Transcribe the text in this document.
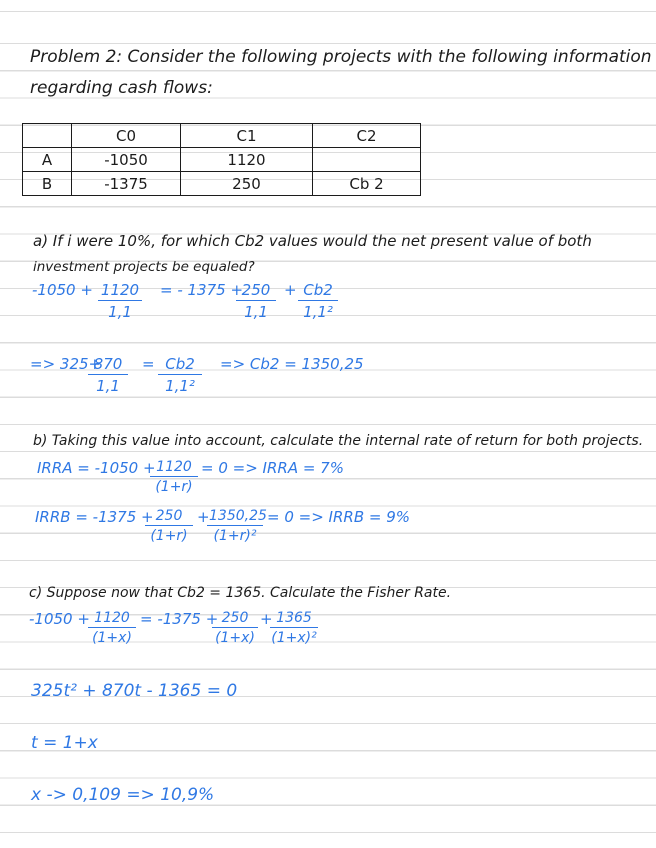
Problem 2: Consider the following projects with the following information
regarding cash flows:
	C0	C1	C2
A	-1050	1120	
B	-1375	250	Cb 2
a) If i were 10%, for which Cb2 values would the net present value of both
investment projects be equaled?
$-1050 + \frac{1120}{1,1}$ = - 1375 +
$\frac{250}{1,1} + \frac{Cb2}{\text{1,1²}}$
=> 325+
$\frac{870}{1,1} = \frac{Cb2}{\text{1,1²}} => Cb2 = 1350,25$
b) Taking this value into account, calculate the internal rate of return for both projects.
IRRA = -1050 +
$\frac{1120}{(1+r)} = 0$ => IRRA = 7%
IRRB = -1375 +
$\frac{250}{(1+r)}$ +
$\frac{1350,25}{\text{(1+r)²}} = 0$ => IRRB = 9%
c) Suppose now that Cb2 = 1365. Calculate the Fisher Rate.
-1050 +
$\frac{1120}{(1+x)} = -1375$ +
$\frac{250}{(1+x)}$ +
$\frac{1365}{\text{(1+x)²}}$
325t² + 870t - 1365 = 0
t = 1+x
x -> 0,109 => 10,9%
